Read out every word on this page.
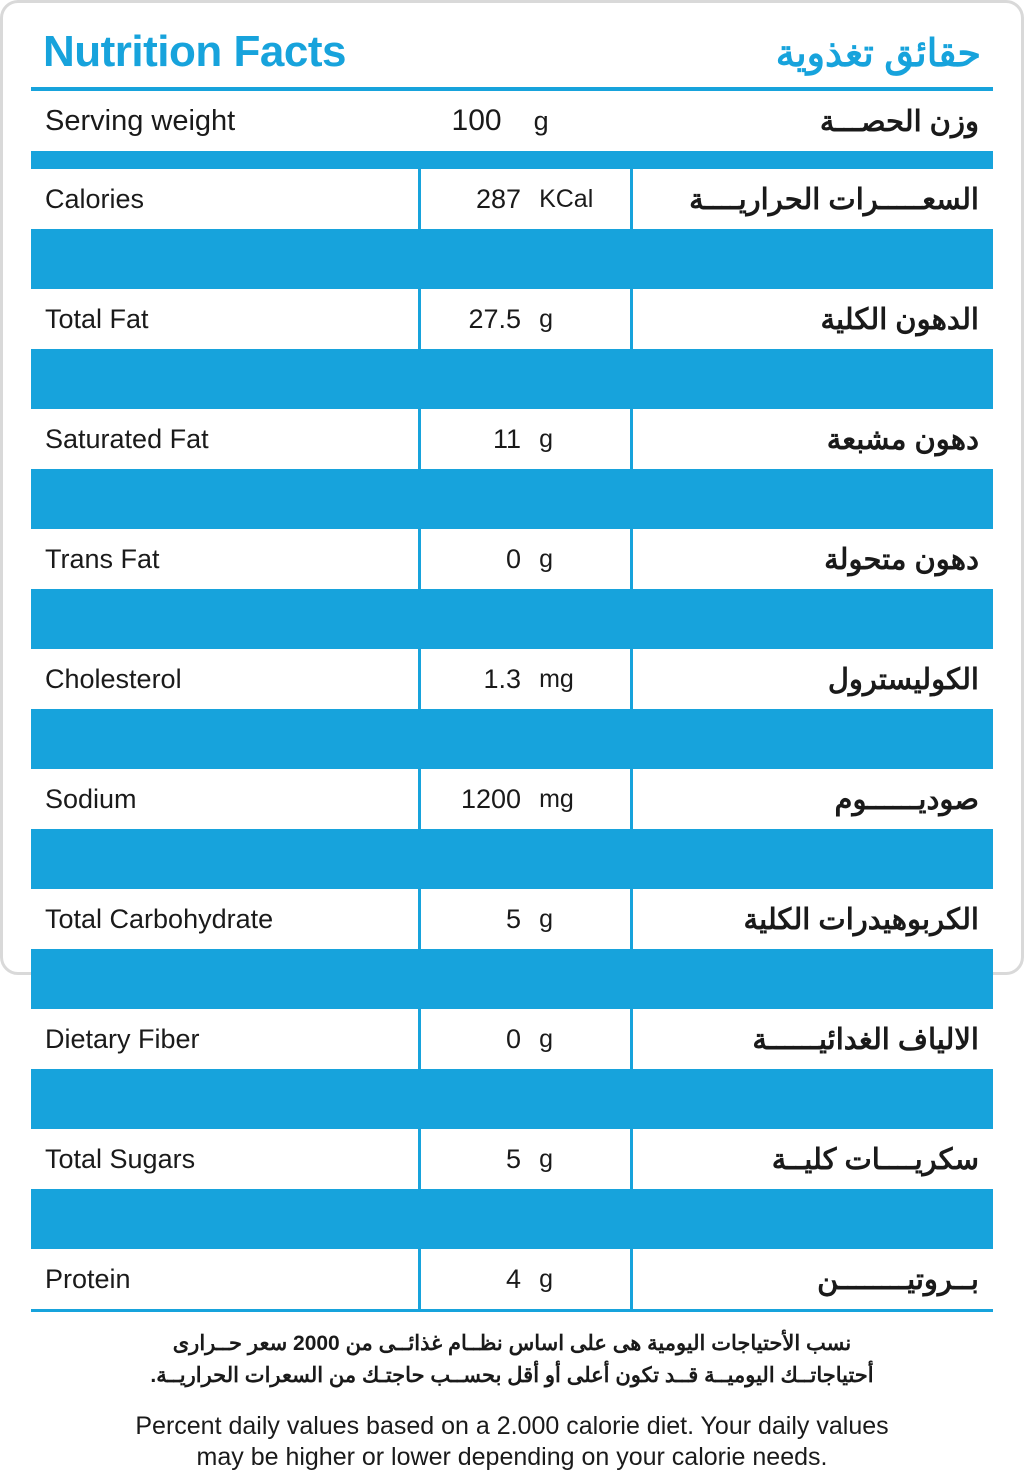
Nutrition Facts	حقائق تغذوية
Serving weight	100	g	وزن الحصـــة
Calories	287	KCal	السعـــــرات الحراريــــة

Total Fat	27.5	g	الدهون الكلية

Saturated Fat	11	g	دهون مشبعة

Trans Fat	0	g	دهون متحولة

Cholesterol	1.3	mg	الكوليسترول

Sodium	1200	mg	صوديــــــوم

Total Carbohydrate	5	g	الكربوهيدرات الكلية

Dietary Fiber	0	g	الالياف الغدائيــــــة

Total Sugars	5	g	سكريــــات كليــة

Protein	4	g	بــروتيــــــــن
نسب الأحتياجات اليومية هى على اساس نظــام غذائــى من 2000 سعر حــرارى
أحتياجاتــك اليوميــة قــد تكون أعلى أو أقل بحســب حاجتـك من السعرات الحراريــة.
Percent daily values based on a 2.000 calorie diet. Your daily values
may be higher or lower depending on your calorie needs.
